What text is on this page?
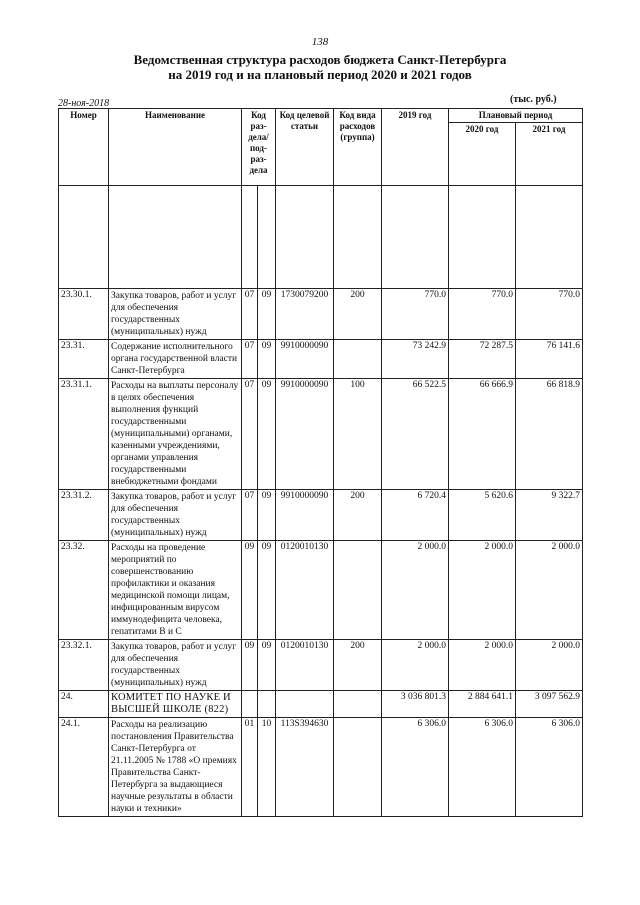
138
Ведомственная структура расходов бюджета Санкт-Петербурга
на 2019 год и на плановый период 2020 и 2021 годов
28-ноя-2018	(тыс. руб.)
Номер	Наименование	Код раз-дела/ под-раз-дела		Код целевой статьи	Код вида расходов (группа)	2019 год	Плановый период	
							2020 год	2021 год

23.30.1.	Закупка товаров, работ и услуг для обеспечения государственных (муниципальных) нужд	07	09	1730079200	200	770.0	770.0	770.0
23.31.	Содержание исполнительного органа государственной власти Санкт-Петербурга	07	09	9910000090		73 242.9	72 287.5	76 141.6
23.31.1.	Расходы на выплаты персоналу в целях обеспечения выполнения функций государственными (муниципальными) органами, казенными учреждениями, органами управления государственными внебюджетными фондами	07	09	9910000090	100	66 522.5	66 666.9	66 818.9
23.31.2.	Закупка товаров, работ и услуг для обеспечения государственных (муниципальных) нужд	07	09	9910000090	200	6 720.4	5 620.6	9 322.7
23.32.	Расходы на проведение мероприятий по совершенствованию профилактики и оказания медицинской помощи лицам, инфицированным вирусом иммунодефицита человека, гепатитами В и С	09	09	0120010130		2 000.0	2 000.0	2 000.0
23.32.1.	Закупка товаров, работ и услуг для обеспечения государственных (муниципальных) нужд	09	09	0120010130	200	2 000.0	2 000.0	2 000.0
24.	КОМИТЕТ ПО НАУКЕ И ВЫСШЕЙ ШКОЛЕ (822)					3 036 801.3	2 884 641.1	3 097 562.9
24.1.	Расходы на реализацию постановления Правительства Санкт-Петербурга от 21.11.2005 № 1788 «О премиях Правительства Санкт-Петербурга за выдающиеся научные результаты в области науки и техники»	01	10	113S394630		6 306.0	6 306.0	6 306.0
